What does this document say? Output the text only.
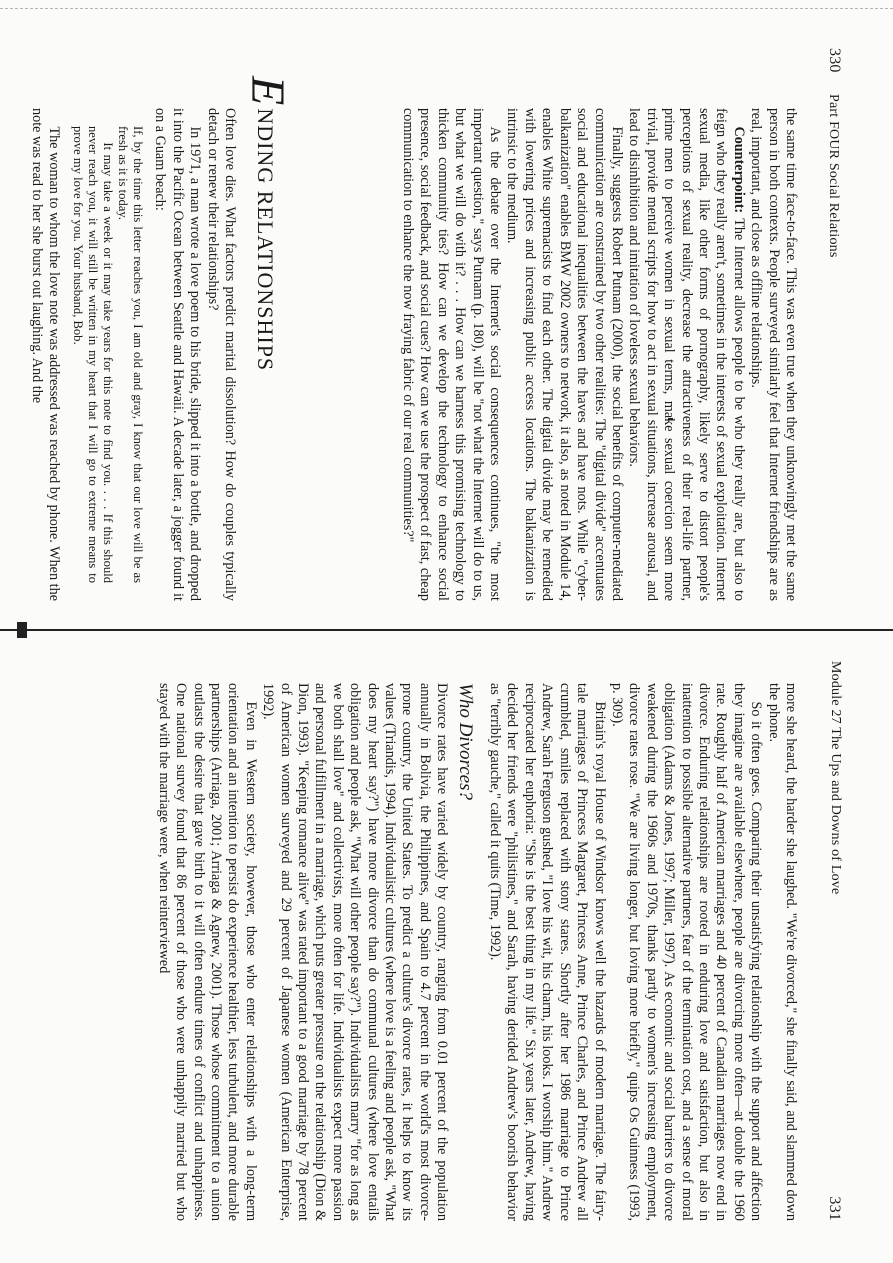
330  Part FOUR Social Relations

the same time face-to-face. This was even true when they unknowingly met the same person in both contexts. People surveyed similarly feel that Internet friendships are as real, important, and close as offline relationships.

Counterpoint: The Internet allows people to be who they really are, but also to feign who they really aren't, sometimes in the interests of sexual exploitation. Internet sexual media, like other forms of pornography, likely serve to distort people's perceptions of sexual reality, decrease the attractiveness of their real-life partner, prime men to perceive women in sexual terms, make sexual coercion seem more trivial, provide mental scripts for how to act in sexual situations, increase arousal, and lead to disinhibition and imitation of loveless sexual behaviors.

Finally, suggests Robert Putnam (2000), the social benefits of computer-mediated communication are constrained by two other realities: The "digital divide" accentuates social and educational inequalities between the haves and have nots. While "cyber-balkanization" enables BMW 2002 owners to network, it also, as noted in Module 14, enables White supremacists to find each other. The digital divide may be remedied with lowering prices and increasing public access locations. The balkanization is intrinsic to the medium.

As the debate over the Internet's social consequences continues, "the most important question," says Putnam (p. 180), will be "not what the Internet will do to us, but what we will do with it? . . . How can we harness this promising technology to thicken community ties? How can we develop the technology to enhance social presence, social feedback, and social cues? How can we use the prospect of fast, cheap communication to enhance the now fraying fabric of our real communities?"

ENDING RELATIONSHIPS

Often love dies. What factors predict marital dissolution? How do couples typically detach or renew their relationships?

In 1971, a man wrote a love poem to his bride, slipped it into a bottle, and dropped it into the Pacific Ocean between Seattle and Hawaii. A decade later, a jogger found it on a Guam beach:

If, by the time this letter reaches you, I am old and gray, I know that our love will be as fresh as it is today.

It may take a week or it may take years for this note to find you. . . . If this should never reach you, it will still be written in my heart that I will go to extreme means to prove my love for you. Your husband, Bob.

The woman to whom the love note was addressed was reached by phone. When the note was read to her she burst out laughing. And the

Module 27 The Ups and Downs of Love
331

more she heard, the harder she laughed. "We're divorced," she finally said, and slammed down the phone.

So it often goes. Comparing their unsatisfying relationship with the support and affection they imagine are available elsewhere, people are divorcing more often—at double the 1960 rate. Roughly half of American marriages and 40 percent of Canadian marriages now end in divorce. Enduring relationships are rooted in enduring love and satisfaction, but also in inattention to possible alternative partners, fear of the termination cost, and a sense of moral obligation (Adams & Jones, 1997; Miller, 1997). As economic and social barriers to divorce weakened during the 1960s and 1970s, thanks partly to women's increasing employment, divorce rates rose. "We are living longer, but loving more briefly," quips Os Guinness (1993, p. 309).

Britain's royal House of Windsor knows well the hazards of modern marriage. The fairy-tale marriages of Princess Margaret, Princess Anne, Prince Charles, and Prince Andrew all crumbled, smiles replaced with stony stares. Shortly after her 1986 marriage to Prince Andrew, Sarah Ferguson gushed, "I love his wit, his charm, his looks. I worship him." Andrew reciprocated her euphoria: "She is the best thing in my life." Six years later, Andrew, having decided her friends were "philistines," and Sarah, having derided Andrew's boorish behavior as "terribly gauche," called it quits (Time, 1992).

Who Divorces?

Divorce rates have varied widely by country, ranging from 0.01 percent of the population annually in Bolivia, the Philippines, and Spain to 4.7 percent in the world's most divorce-prone country, the United States. To predict a culture's divorce rates, it helps to know its values (Triandis, 1994). Individualistic cultures (where love is a feeling and people ask, "What does my heart say?") have more divorce than do communal cultures (where love entails obligation and people ask, "What will other people say?"). Individualists marry "for as long as we both shall love" and collectivists, more often for life. Individualists expect more passion and personal fulfillment in a marriage, which puts greater pressure on the relationship (Dion & Dion, 1993). "Keeping romance alive" was rated important to a good marriage by 78 percent of American women surveyed and 29 percent of Japanese women (American Enterprise, 1992).

Even in Western society, however, those who enter relationships with a long-term orientation and an intention to persist do experience healthier, less turbulent, and more durable partnerships (Arriaga, 2001; Arriaga & Agnew, 2001). Those whose commitment to a union outlasts the desire that gave birth to it will often endure times of conflict and unhappiness. One national survey found that 86 percent of those who were unhappily married but who stayed with the marriage were, when reinterviewed
